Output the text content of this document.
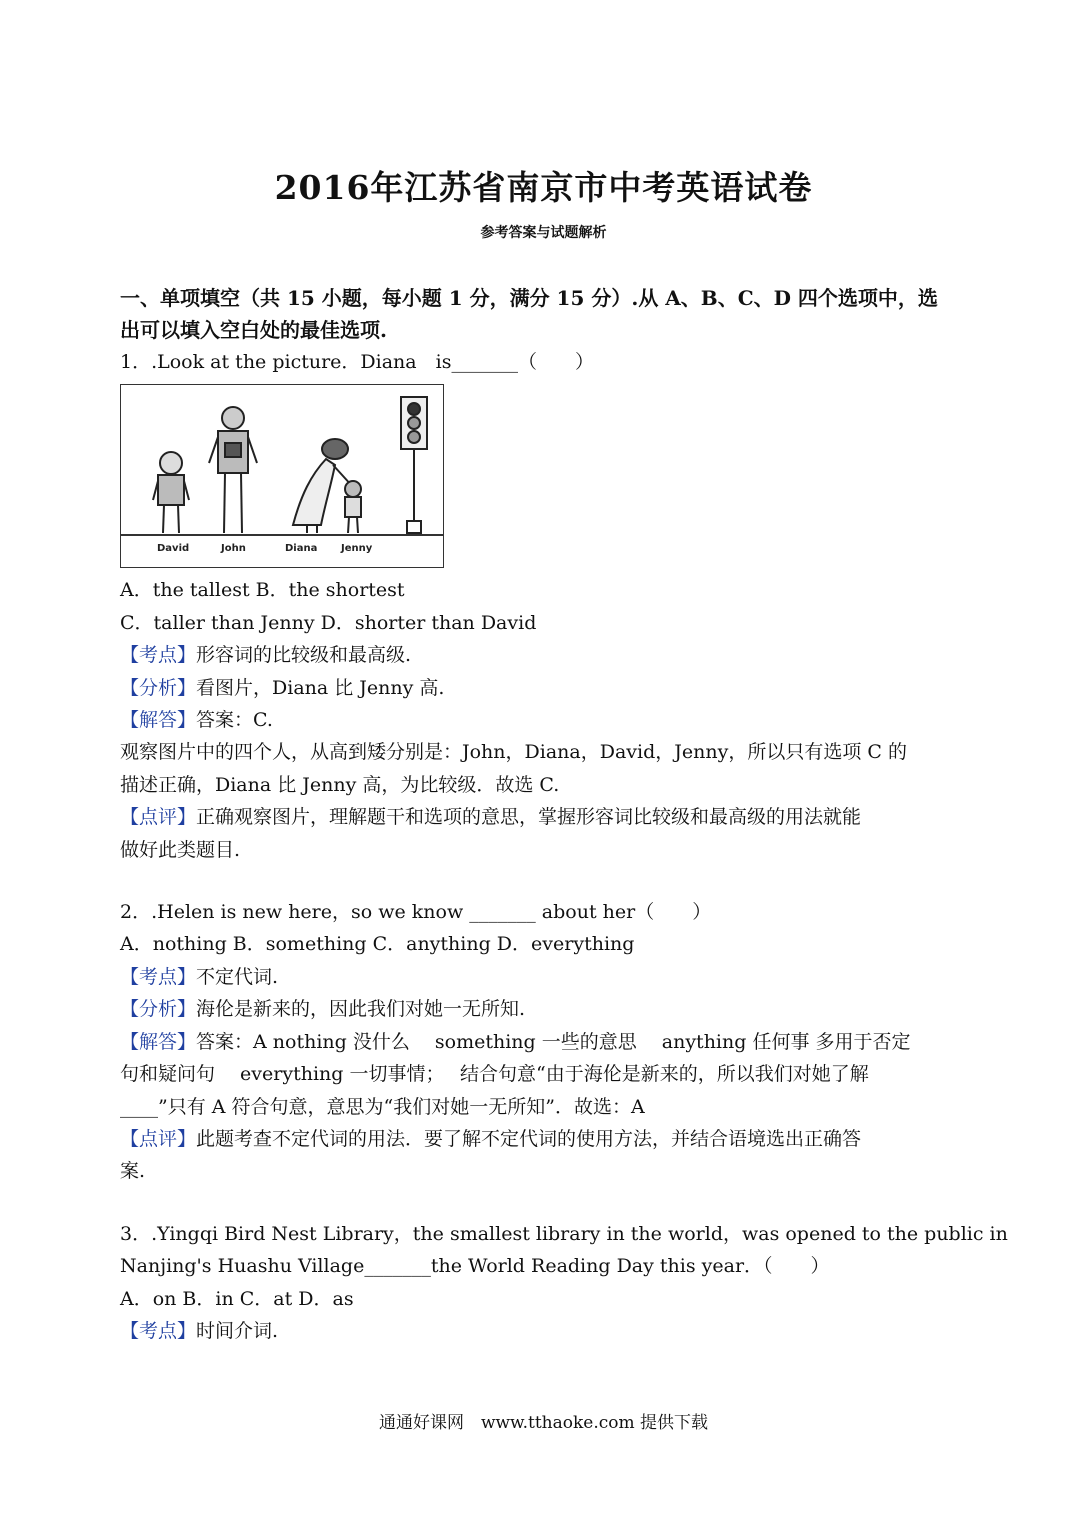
2016年江苏省南京市中考英语试卷
参考答案与试题解析
一、单项填空（共 15 小题，每小题 1 分，满分 15 分）.从 A、B、C、D 四个选项中，选
出可以填入空白处的最佳选项.
1．.Look at the picture．Diana　is_______（　　）
David	John	Diana Jenny
A．the tallest B．the shortest
C．taller than Jenny D．shorter than David
【考点】形容词的比较级和最高级.
【分析】看图片，Diana 比 Jenny 高.
【解答】答案：C.
观察图片中的四个人，从高到矮分别是：John，Diana，David，Jenny，所以只有选项 C 的
描述正确，Diana 比 Jenny 高，为比较级．故选 C.
【点评】正确观察图片，理解题干和选项的意思，掌握形容词比较级和最高级的用法就能
做好此类题目.
2．.Helen is new here，so we know _______ about her（　　）
A．nothing B．something C．anything D．everything
【考点】不定代词.
【分析】海伦是新来的，因此我们对她一无所知.
【解答】答案：A nothing 没什么　 something 一些的意思　 anything 任何事 多用于否定
句和疑问句　 everything 一切事情；　 结合句意“由于海伦是新来的，所以我们对她了解
____”只有 A 符合句意，意思为“我们对她一无所知”．故选：A
【点评】此题考查不定代词的用法．要了解不定代词的使用方法，并结合语境选出正确答
案.
3．.Yingqi Bird Nest Library，the smallest library in the world，was opened to the public in
Nanjing's Huashu Village_______the World Reading Day this year．（　　）
A．on B．in C．at D．as
【考点】时间介词.
通通好课网　www.tthaoke.com 提供下载
